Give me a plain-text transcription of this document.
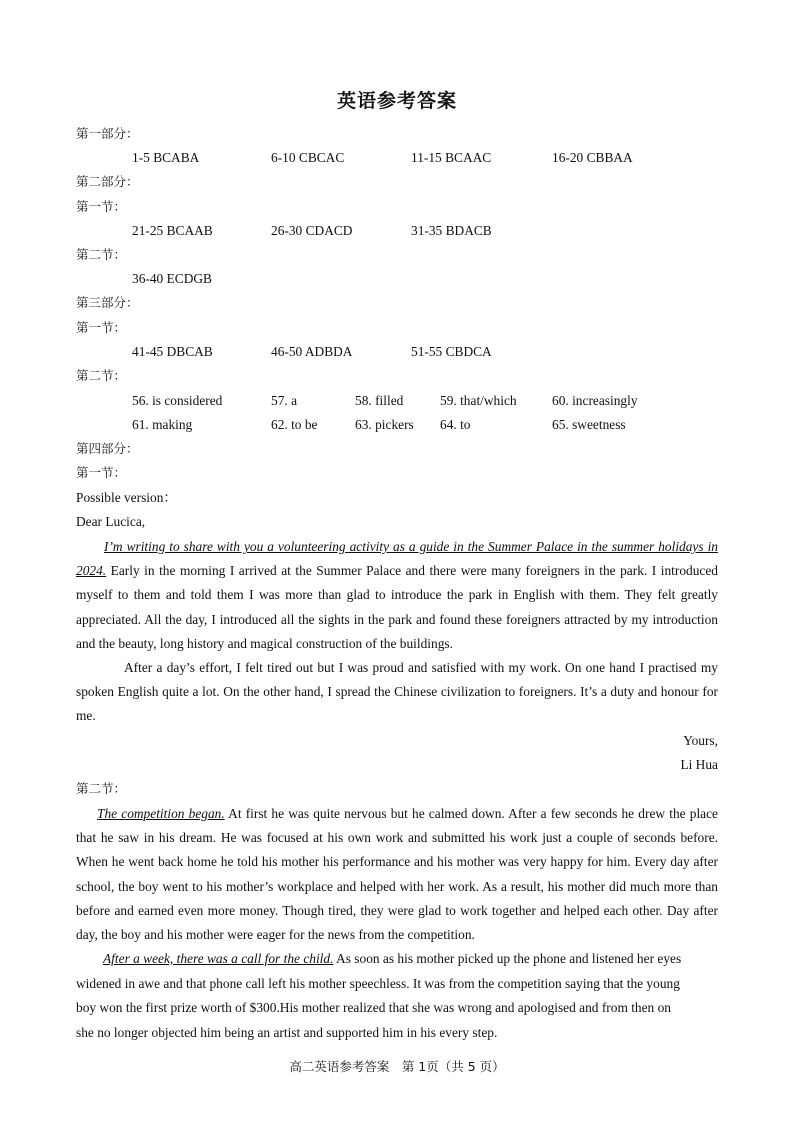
英语参考答案
第一部分：
1-5 BCABA	6-10 CBCAC	11-15 BCAAC	16-20 CBBAA
第二部分：
第一节：
21-25 BCAAB	26-30 CDACD	31-35 BDACB
第二节：
36-40 ECDGB
第三部分：
第一节：
41-45 DBCAB	46-50 ADBDA	51-55 CBDCA
第二节：
56. is considered	57. a	58. filled	59. that/which	60. increasingly
61. making	62. to be	63. pickers 64. to	65. sweetness
第四部分：
第一节：
Possible version：
Dear Lucica,
I’m writing to share with you a volunteering activity as a guide in the Summer Palace in the summer holidays in 2024. Early in the morning I arrived at the Summer Palace and there were many foreigners in the park. I introduced myself to them and told them I was more than glad to introduce the park in English with them. They felt greatly appreciated. All the day, I introduced all the sights in the park and found these foreigners attracted by my introduction and the beauty, long history and magical construction of the buildings.
After a day’s effort, I felt tired out but I was proud and satisfied with my work. On one hand I practised my spoken English quite a lot. On the other hand, I spread the Chinese civilization to foreigners. It’s a duty and honour for me.
Yours,
Li Hua
第二节：
The competition began. At first he was quite nervous but he calmed down. After a few seconds he drew the place that he saw in his dream. He was focused at his own work and submitted his work just a couple of seconds before. When he went back home he told his mother his performance and his mother was very happy for him. Every day after school, the boy went to his mother’s workplace and helped with her work. As a result, his mother did much more than before and earned even more money. Though tired, they were glad to work together and helped each other. Day after day, the boy and his mother were eager for the news from the competition.
After a week, there was a call for the child. As soon as his mother picked up the phone and listened her eyes
widened in awe and that phone call left his mother speechless. It was from the competition saying that the young
boy won the first prize worth of $300.His mother realized that she was wrong and apologised and from then on
she no longer objected him being an artist and supported him in his every step.
高二英语参考答案　第 1页（共 5 页）
